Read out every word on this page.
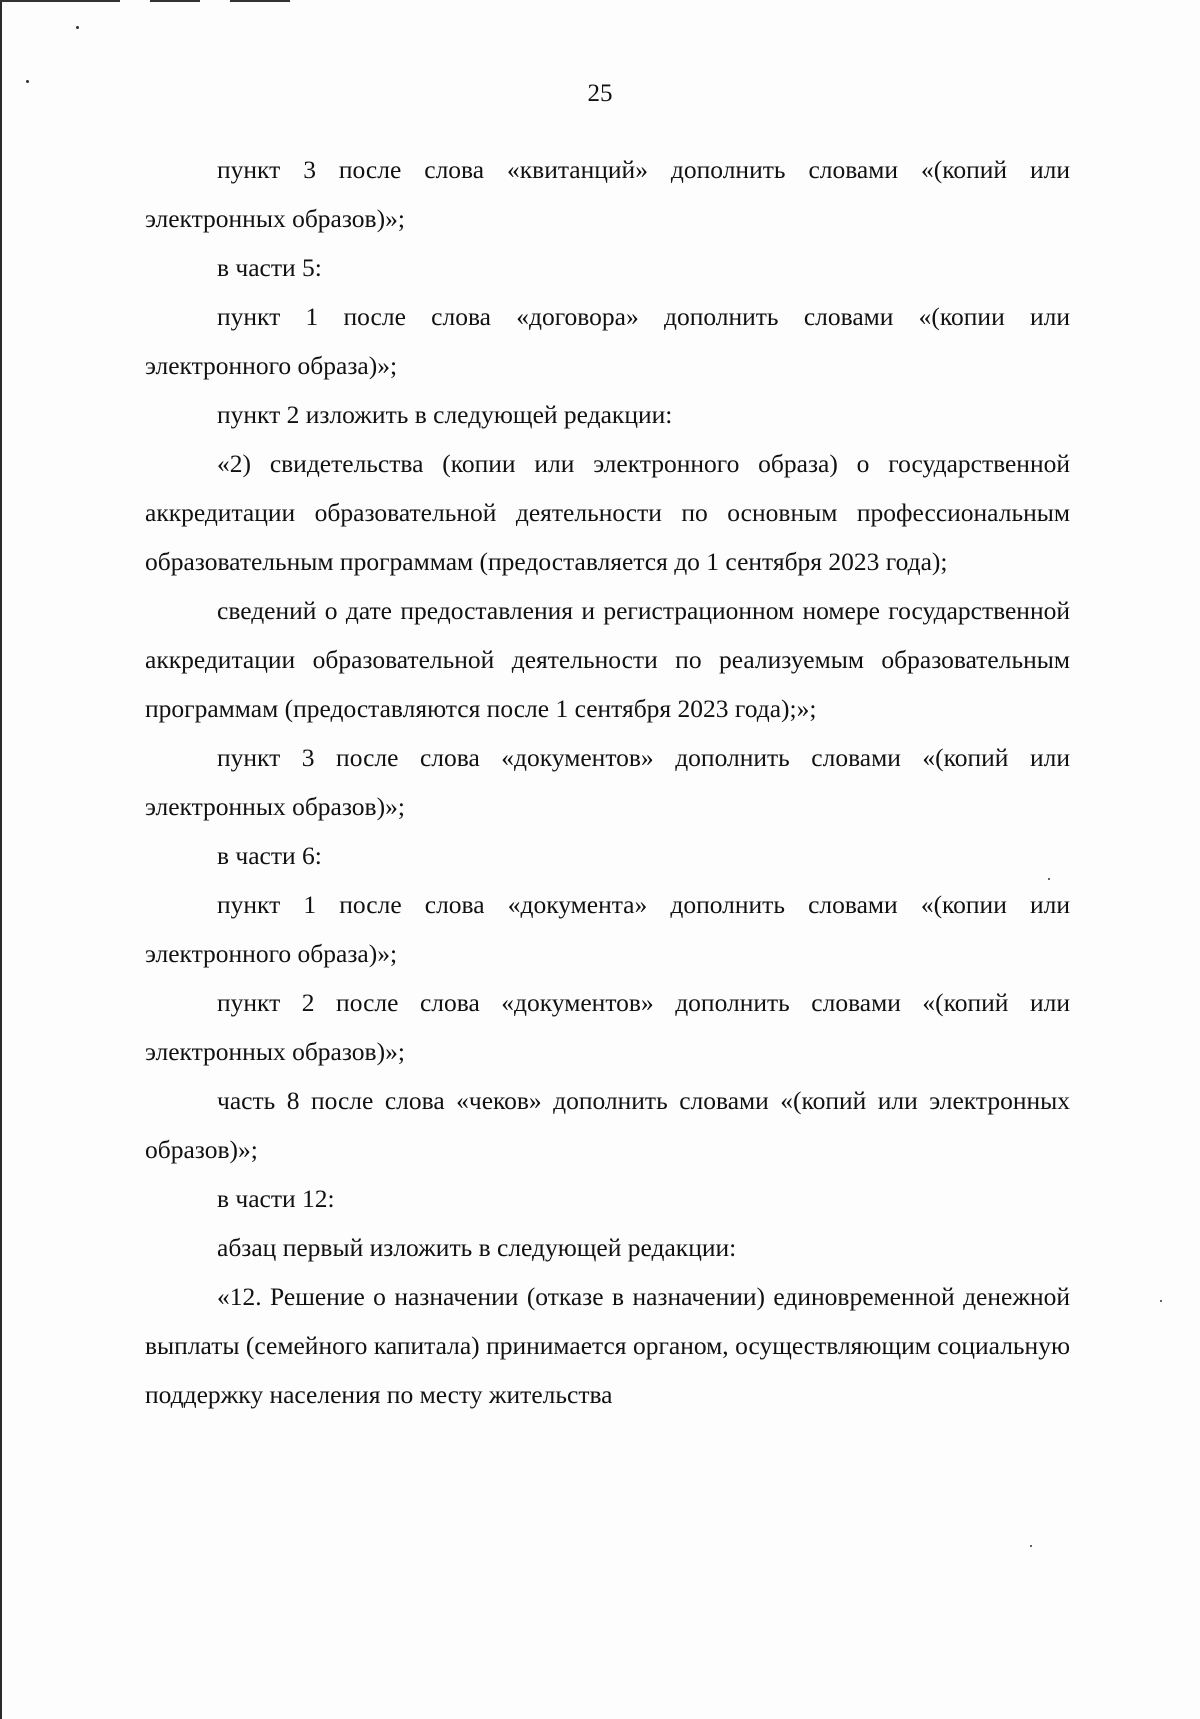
25

пункт 3 после слова «квитанций» дополнить словами «(копий или электронных образов)»;

в части 5:

пункт 1 после слова «договора» дополнить словами «(копии или электронного образа)»;

пункт 2 изложить в следующей редакции:

«2) свидетельства (копии или электронного образа) о государственной аккредитации образовательной деятельности по основным профессиональным образовательным программам (предоставляется до 1 сентября 2023 года);

сведений о дате предоставления и регистрационном номере государственной аккредитации образовательной деятельности по реализуемым образовательным программам (предоставляются после 1 сентября 2023 года);»;

пункт 3 после слова «документов» дополнить словами «(копий или электронных образов)»;

в части 6:

пункт 1 после слова «документа» дополнить словами «(копии или электронного образа)»;

пункт 2 после слова «документов» дополнить словами «(копий или электронных образов)»;

часть 8 после слова «чеков» дополнить словами «(копий или электронных образов)»;

в части 12:

абзац первый изложить в следующей редакции:

«12. Решение о назначении (отказе в назначении) единовременной денежной выплаты (семейного капитала) принимается органом, осуществляющим социальную поддержку населения по месту жительства
